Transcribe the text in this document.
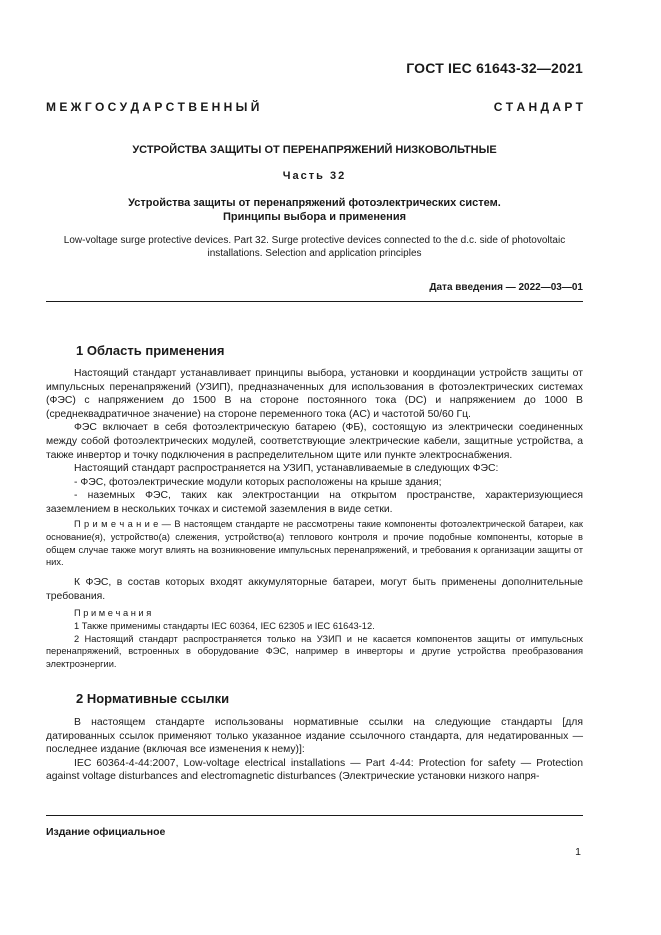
ГОСТ IEC 61643-32—2021
М Е Ж Г О С У Д А Р С Т В Е Н Н Ы Й	С Т А Н Д А Р Т
УСТРОЙСТВА ЗАЩИТЫ ОТ ПЕРЕНАПРЯЖЕНИЙ НИЗКОВОЛЬТНЫЕ
Часть 32
Устройства защиты от перенапряжений фотоэлектрических систем.
Принципы выбора и применения
Low-voltage surge protective devices. Part 32. Surge protective devices connected to the d.c. side of photovoltaic
installations. Selection and application principles
Дата введения — 2022—03—01
1 Область применения

Настоящий стандарт устанавливает принципы выбора, установки и координации устройств защиты от импульсных перенапряжений (УЗИП), предназначенных для использования в фотоэлектрических системах (ФЭС) с напряжением до 1500 В на стороне постоянного тока (DC) и напряжением до 1000 В (среднеквадратичное значение) на стороне переменного тока (AC) и частотой 50/60 Гц.

ФЭС включает в себя фотоэлектрическую батарею (ФБ), состоящую из электрически соединенных между собой фотоэлектрических модулей, соответствующие электрические кабели, защитные устройства, а также инвертор и точку подключения в распределительном щите или пункте электроснабжения.

Настоящий стандарт распространяется на УЗИП, устанавливаемые в следующих ФЭС:

- ФЭС, фотоэлектрические модули которых расположены на крыше здания;

- наземных ФЭС, таких как электростанции на открытом пространстве, характеризующиеся заземлением в нескольких точках и системой заземления в виде сетки.

П р и м е ч а н и е — В настоящем стандарте не рассмотрены такие компоненты фотоэлектрической батареи, как основание(я), устройство(а) слежения, устройство(а) теплового контроля и прочие подобные компоненты, которые в общем случае также могут влиять на возникновение импульсных перенапряжений, и требования к организации защиты от них.

К ФЭС, в состав которых входят аккумуляторные батареи, могут быть применены дополнительные требования.

П р и м е ч а н и я

1 Также применимы стандарты IEC 60364, IEC 62305 и IEC 61643-12.

2 Настоящий стандарт распространяется только на УЗИП и не касается компонентов защиты от импульсных перенапряжений, встроенных в оборудование ФЭС, например в инверторы и другие устройства преобразования электроэнергии.

2 Нормативные ссылки

В настоящем стандарте использованы нормативные ссылки на следующие стандарты [для датированных ссылок применяют только указанное издание ссылочного стандарта, для недатированных — последнее издание (включая все изменения к нему)]:

IEC 60364-4-44:2007, Low-voltage electrical installations — Part 4-44: Protection for safety — Protection against voltage disturbances and electromagnetic disturbances (Электрические установки низкого напря-

Издание официальное
1
